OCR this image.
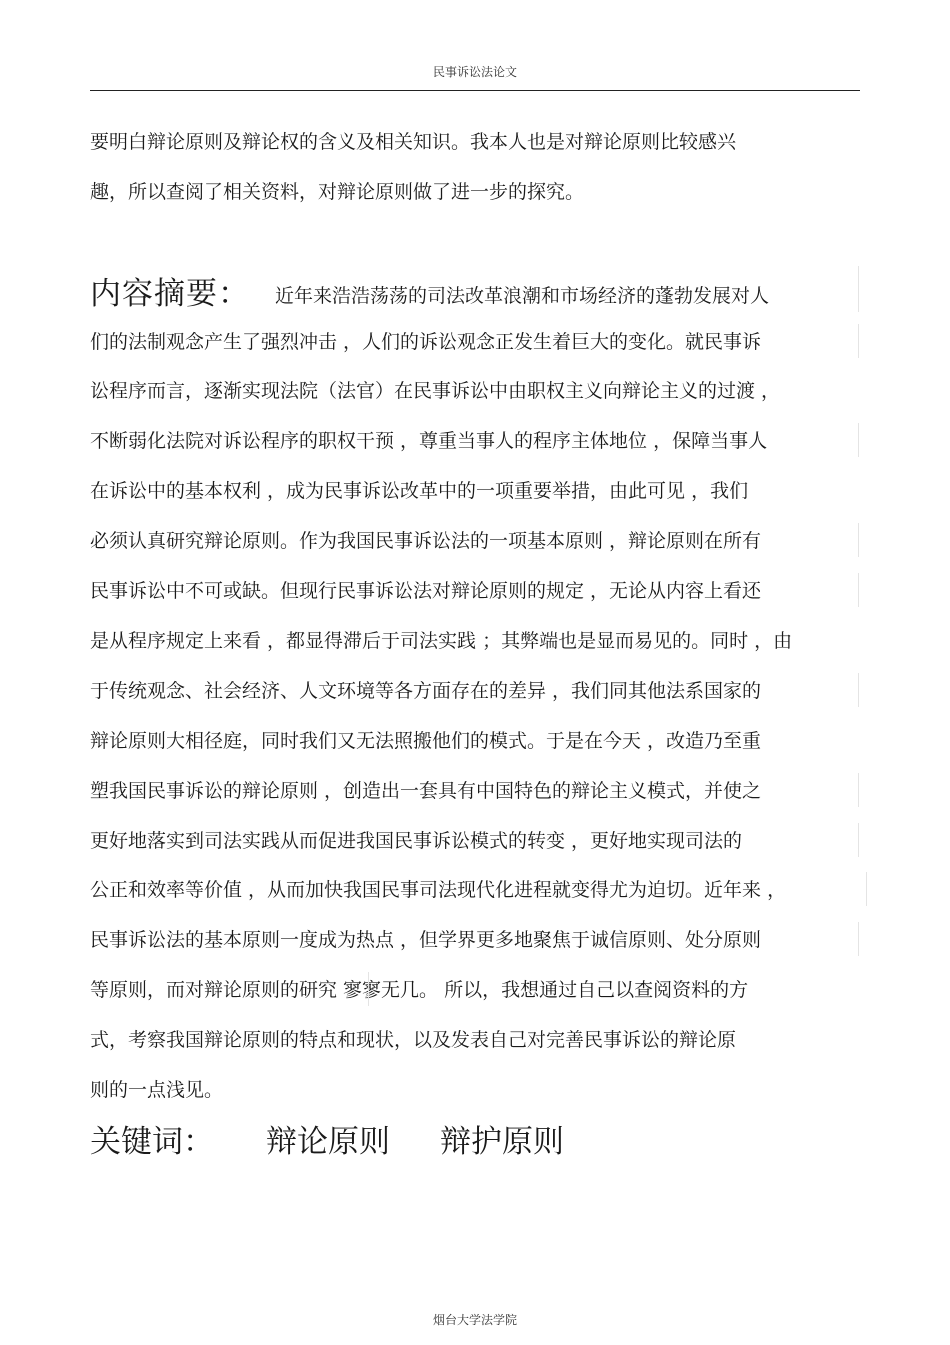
民事诉讼法论文
要明白辩论原则及辩论权的含义及相关知识。我本人也是对辩论原则比较感兴
趣，所以查阅了相关资料，对辩论原则做了进一步的探究。
内容摘要： 近年来浩浩荡荡的司法改革浪潮和市场经济的蓬勃发展对人
们的法制观念产生了强烈冲击 ，人们的诉讼观念正发生着巨大的变化。就民事诉
讼程序而言，逐渐实现法院（法官）在民事诉讼中由职权主义向辩论主义的过渡 ，
不断弱化法院对诉讼程序的职权干预 ，尊重当事人的程序主体地位 ，保障当事人
在诉讼中的基本权利 ，成为民事诉讼改革中的一项重要举措，由此可见 ，我们
必须认真研究辩论原则。作为我国民事诉讼法的一项基本原则 ，辩论原则在所有
民事诉讼中不可或缺。但现行民事诉讼法对辩论原则的规定 ，无论从内容上看还
是从程序规定上来看 ，都显得滞后于司法实践 ；其弊端也是显而易见的。同时 ，由
于传统观念、社会经济、人文环境等各方面存在的差异 ，我们同其他法系国家的
辩论原则大相径庭，同时我们又无法照搬他们的模式。于是在今天 ，改造乃至重
塑我国民事诉讼的辩论原则 ，创造出一套具有中国特色的辩论主义模式，并使之
更好地落实到司法实践从而促进我国民事诉讼模式的转变 ，更好地实现司法的
公正和效率等价值 ，从而加快我国民事司法现代化进程就变得尤为迫切。近年来 ，
民事诉讼法的基本原则一度成为热点 ，但学界更多地聚焦于诚信原则、处分原则
等原则，而对辩论原则的研究 寥寥无几。 所以，我想通过自己以查阅资料的方
式，考察我国辩论原则的特点和现状，以及发表自己对完善民事诉讼的辩论原
则的一点浅见。
关键词： 辩论原则 辩护原则
烟台大学法学院
